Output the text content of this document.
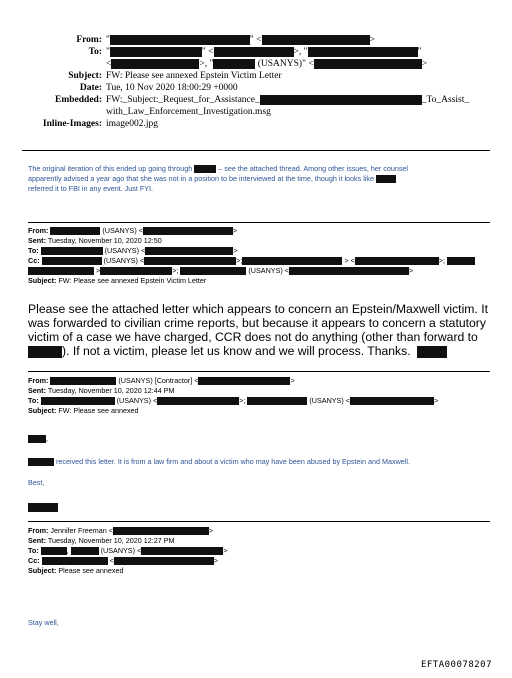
From: "	" <	>
To: "	" <	>, "	"
<	>, "	(USANYS)" <	>
Subject: FW: Please see annexed Epstein Victim Letter
Date: Tue, 10 Nov 2020 18:00:29 +0000
Embedded: FW:_Subject:_Request_for_Assistance_	_To_Assist_
with_Law_Enforcement_Investigation.msg
Inline-Images: image002.jpg
The original iteration of this ended up going through	– see the attached thread. Among other issues, her counsel
apparently advised a year ago that she was not in a position to be interviewed at the time, though it looks like
referred it to FBI in any event. Just FYI.
From:	(USANYS) <	>
Sent: Tuesday, November 10, 2020 12:50
To:	(USANYS) <	>
Cc:	(USANYS) <	>;	> <	>;
>	>;	(USANYS) <	>
Subject: FW: Please see annexed Epstein Victim Letter
Please see the attached letter which appears to concern an Epstein/Maxwell victim. It
was forwarded to civilian crime reports, but because it appears to concern a statutory
victim of a case we have charged, CCR does not do anything (other than forward to
). If not a victim, please let us know and we will process. Thanks.
From:	(USANYS) [Contractor] <	>
Sent: Tuesday, November 10, 2020 12:44 PM
To:	(USANYS) <	>;	(USANYS) <	>
Subject: FW: Please see annexed
,
received this letter. It is from a law firm and about a victim who may have been abused by Epstein and Maxwell.
Best,
From: Jennifer Freeman <	>
Sent: Tuesday, November 10, 2020 12:27 PM
To:	,	(USANYS) <	>
Cc:	<	>
Subject: Please see annexed
Stay well,
EFTA00078207
